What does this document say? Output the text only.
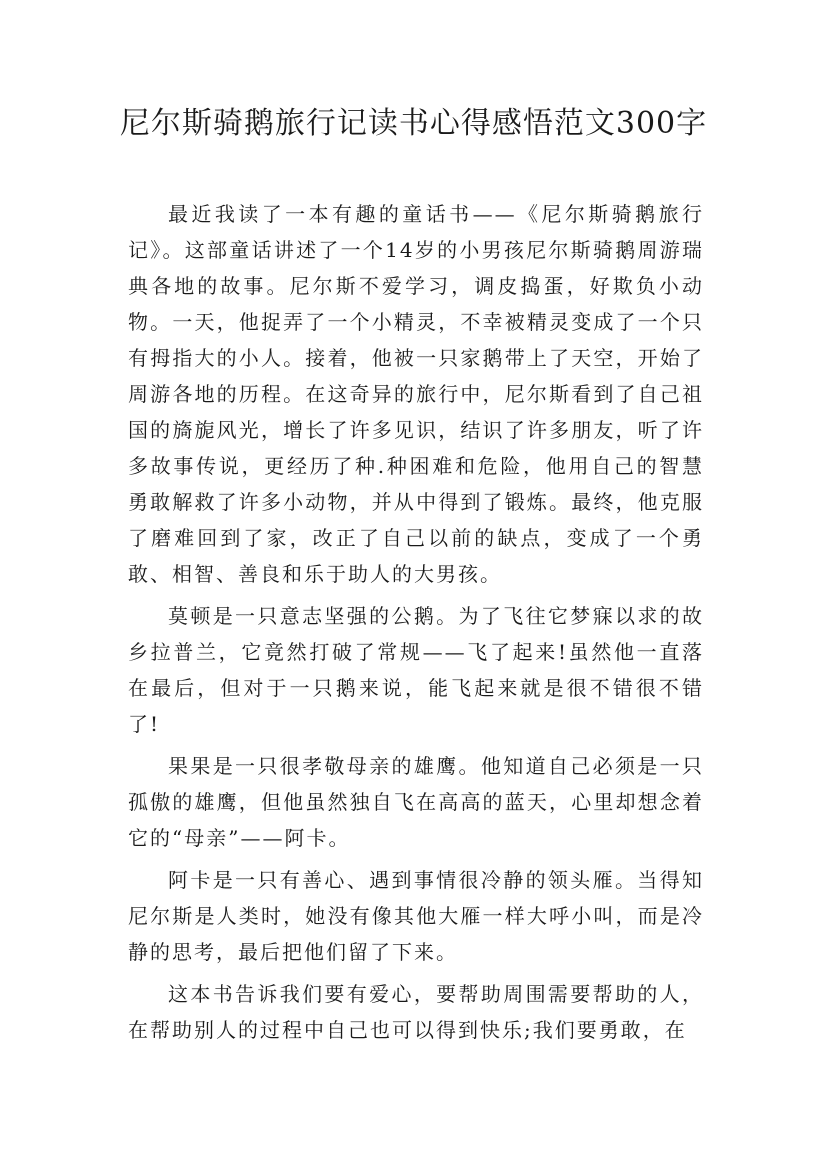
尼尔斯骑鹅旅行记读书心得感悟范文300字

最近我读了一本有趣的童话书——《尼尔斯骑鹅旅行记》。这部童话讲述了一个14岁的小男孩尼尔斯骑鹅周游瑞典各地的故事。尼尔斯不爱学习，调皮捣蛋，好欺负小动物。一天，他捉弄了一个小精灵，不幸被精灵变成了一个只有拇指大的小人。接着，他被一只家鹅带上了天空，开始了周游各地的历程。在这奇异的旅行中，尼尔斯看到了自己祖国的旖旎风光，增长了许多见识，结识了许多朋友，听了许多故事传说，更经历了种.种困难和危险，他用自己的智慧勇敢解救了许多小动物，并从中得到了锻炼。最终，他克服了磨难回到了家，改正了自己以前的缺点，变成了一个勇敢、相智、善良和乐于助人的大男孩。

莫顿是一只意志坚强的公鹅。为了飞往它梦寐以求的故乡拉普兰，它竟然打破了常规——飞了起来!虽然他一直落在最后，但对于一只鹅来说，能飞起来就是很不错很不错了!

果果是一只很孝敬母亲的雄鹰。他知道自己必须是一只孤傲的雄鹰，但他虽然独自飞在高高的蓝天，心里却想念着它的“母亲”——阿卡。

阿卡是一只有善心、遇到事情很冷静的领头雁。当得知尼尔斯是人类时，她没有像其他大雁一样大呼小叫，而是冷静的思考，最后把他们留了下来。

这本书告诉我们要有爱心，要帮助周围需要帮助的人，在帮助别人的过程中自己也可以得到快乐;我们要勇敢，在
